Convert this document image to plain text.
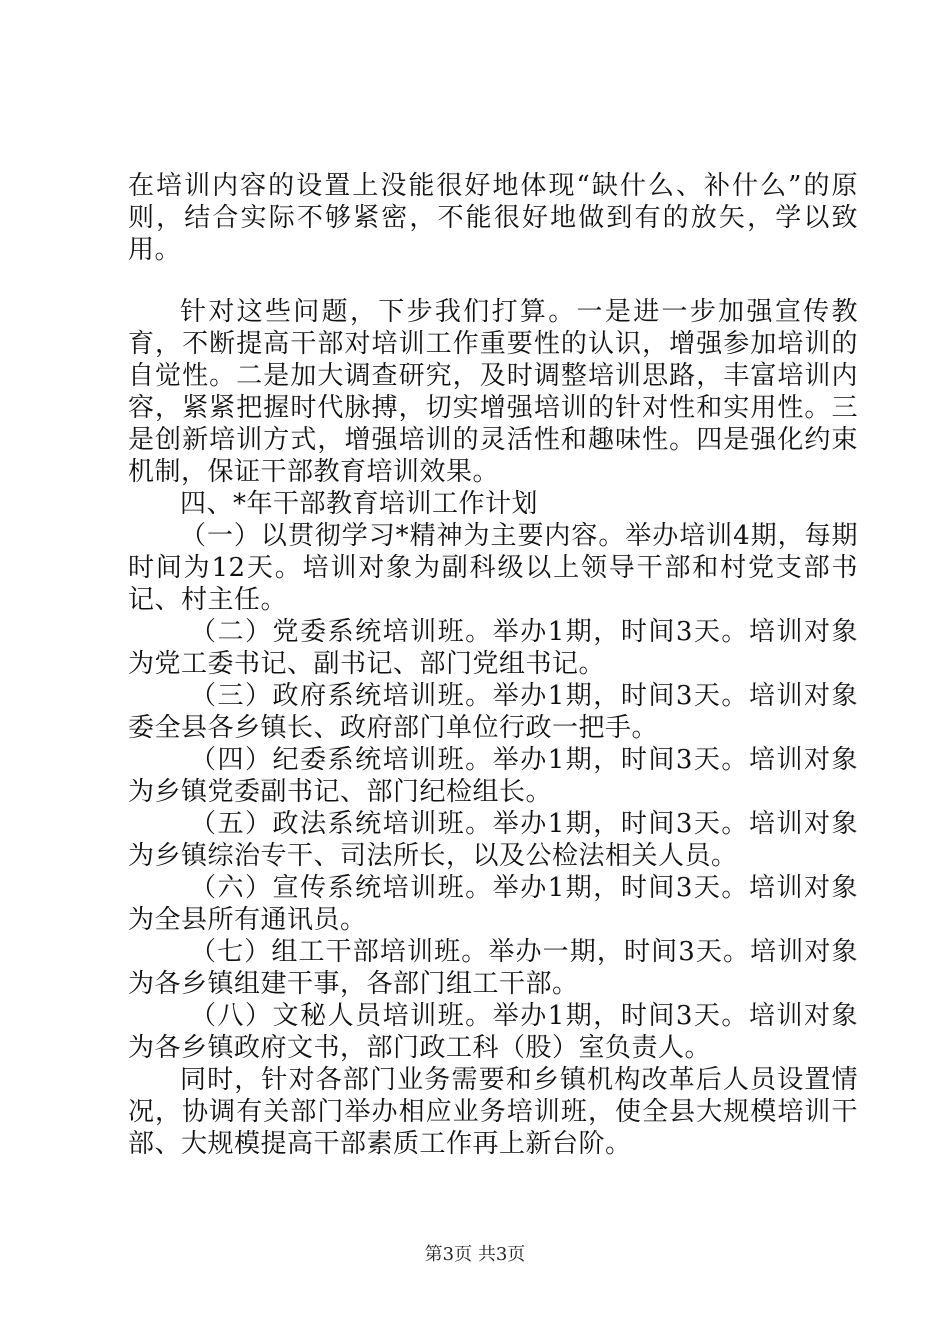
在培训内容的设置上没能很好地体现“缺什么、补什么”的原则，结合实际不够紧密，不能很好地做到有的放矢，学以致用。

针对这些问题，下步我们打算。一是进一步加强宣传教育，不断提高干部对培训工作重要性的认识，增强参加培训的自觉性。二是加大调查研究，及时调整培训思路，丰富培训内容，紧紧把握时代脉搏，切实增强培训的针对性和实用性。三是创新培训方式，增强培训的灵活性和趣味性。四是强化约束机制，保证干部教育培训效果。

四、*年干部教育培训工作计划

（一）以贯彻学习*精神为主要内容。举办培训4期，每期时间为12天。培训对象为副科级以上领导干部和村党支部书记、村主任。

（二）党委系统培训班。举办1期，时间3天。培训对象为党工委书记、副书记、部门党组书记。

（三）政府系统培训班。举办1期，时间3天。培训对象委全县各乡镇长、政府部门单位行政一把手。

（四）纪委系统培训班。举办1期，时间3天。培训对象为乡镇党委副书记、部门纪检组长。

（五）政法系统培训班。举办1期，时间3天。培训对象为乡镇综治专干、司法所长，以及公检法相关人员。

（六）宣传系统培训班。举办1期，时间3天。培训对象为全县所有通讯员。

（七）组工干部培训班。举办一期，时间3天。培训对象为各乡镇组建干事，各部门组工干部。

（八）文秘人员培训班。举办1期，时间3天。培训对象为各乡镇政府文书，部门政工科（股）室负责人。

同时，针对各部门业务需要和乡镇机构改革后人员设置情况，协调有关部门举办相应业务培训班，使全县大规模培训干部、大规模提高干部素质工作再上新台阶。

第3页 共3页
